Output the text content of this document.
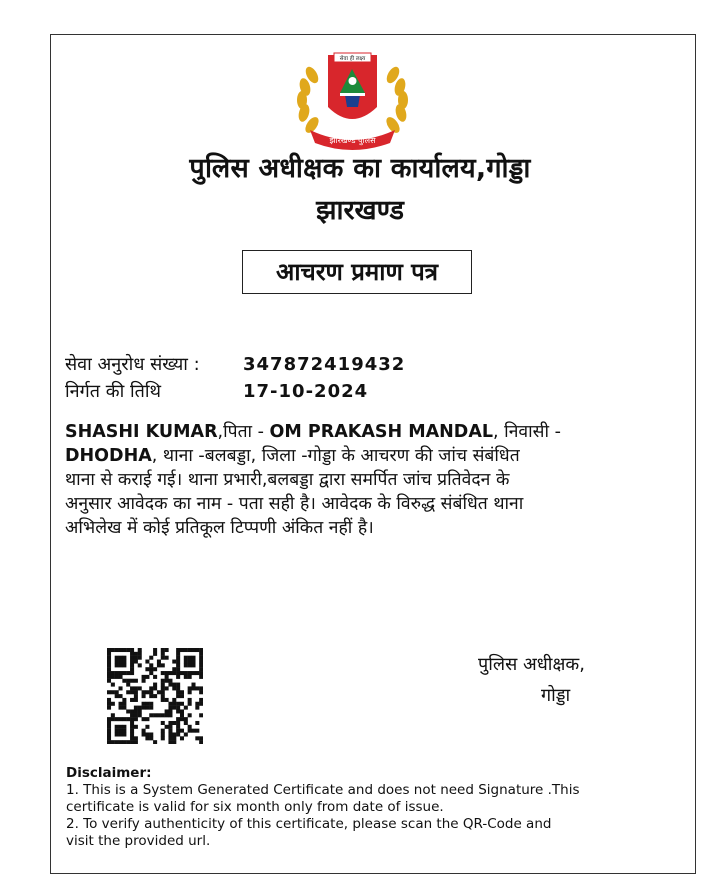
सेवा ही लक्ष्य
झारखण्ड पुलिस
पुलिस अधीक्षक का कार्यालय,गोड्डा
झारखण्ड
आचरण प्रमाण पत्र
सेवा अनुरोध संख्या : 347872419432
निर्गत की तिथि	17-10-2024
SHASHI KUMAR,पिता - OM PRAKASH MANDAL, निवासी -
DHODHA, थाना -बलबड्डा, जिला -गोड्डा के आचरण की जांच संबंधित
थाना से कराई गई। थाना प्रभारी,बलबड्डा द्वारा समर्पित जांच प्रतिवेदन के
अनुसार आवेदक का नाम - पता सही है। आवेदक के विरुद्ध संबंधित थाना
अभिलेख में कोई प्रतिकूल टिप्पणी अंकित नहीं है।
पुलिस अधीक्षक,
गोड्डा
Disclaimer:
1. This is a System Generated Certificate and does not need Signature .This
certificate is valid for six month only from date of issue.
2. To verify authenticity of this certificate, please scan the QR-Code and
visit the provided url.
